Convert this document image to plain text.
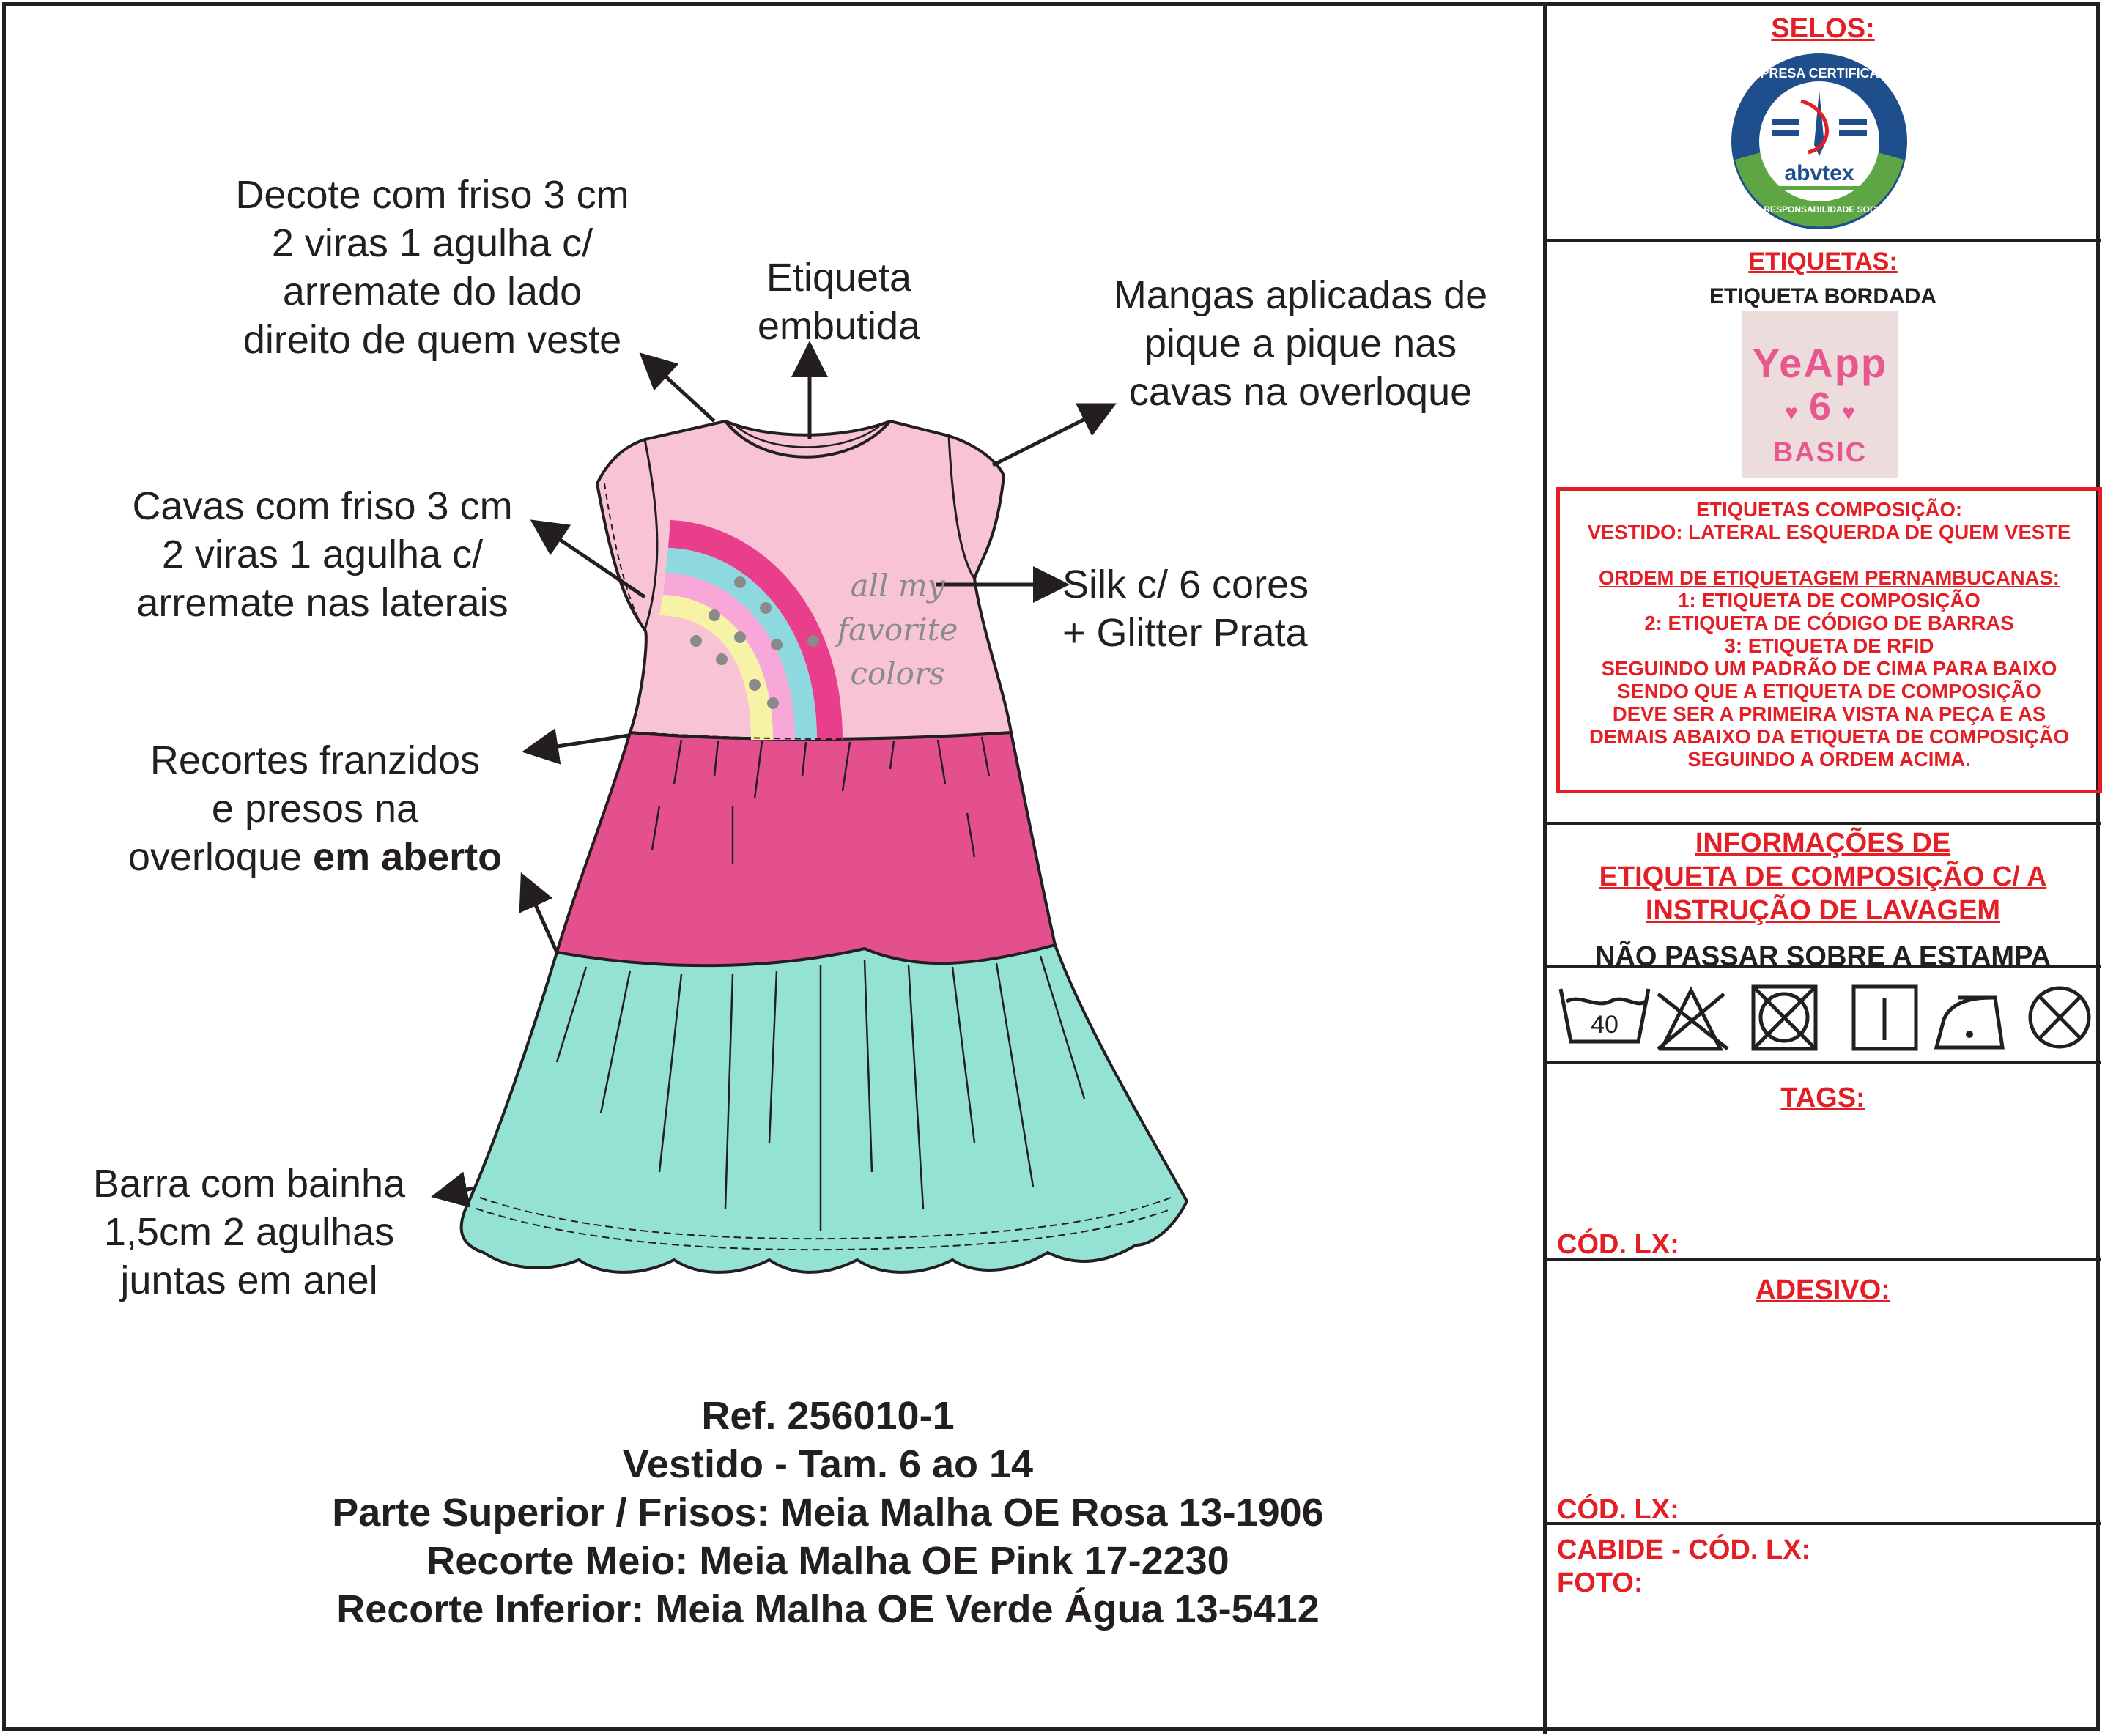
all my
favorite
colors
Decote com friso 3 cm
2 viras 1 agulha c/
arremate do lado
direito de quem veste
Etiqueta
embutida
Mangas aplicadas de
pique a pique nas
cavas na overloque
Cavas com friso 3 cm
2 viras 1 agulha c/
arremate nas laterais	Silk c/ 6 cores
+ Glitter Prata
Recortes franzidos
e presos na
overloque em aberto
Barra com bainha
1,5cm 2 agulhas
juntas em anel
Ref. 256010-1
Vestido - Tam. 6 ao 14
Parte Superior / Frisos: Meia Malha OE Rosa 13-1906
Recorte Meio: Meia Malha OE Pink 17-2230
Recorte Inferior: Meia Malha OE Verde Água 13-5412
SELOS:
abvtex
EMPRESA CERTIFICADA
EM RESPONSABILIDADE SOCIAL
ETIQUETAS:
ETIQUETA BORDADA
YeApp
♥ 6 ♥
BASIC
ETIQUETAS COMPOSIÇÃO:
VESTIDO: LATERAL ESQUERDA DE QUEM VESTE
ORDEM DE ETIQUETAGEM PERNAMBUCANAS:
1: ETIQUETA DE COMPOSIÇÃO
2: ETIQUETA DE CÓDIGO DE BARRAS
3: ETIQUETA DE RFID
SEGUINDO UM PADRÃO DE CIMA PARA BAIXO
SENDO QUE A ETIQUETA DE COMPOSIÇÃO
DEVE SER A PRIMEIRA VISTA NA PEÇA E AS
DEMAIS ABAIXO DA ETIQUETA DE COMPOSIÇÃO
SEGUINDO A ORDEM ACIMA.
INFORMAÇÕES DE
ETIQUETA DE COMPOSIÇÃO C/ A
INSTRUÇÃO DE LAVAGEM
NÃO PASSAR SOBRE A ESTAMPA
40
TAGS:
CÓD. LX:
ADESIVO:
CÓD. LX:
CABIDE - CÓD. LX:
FOTO:
